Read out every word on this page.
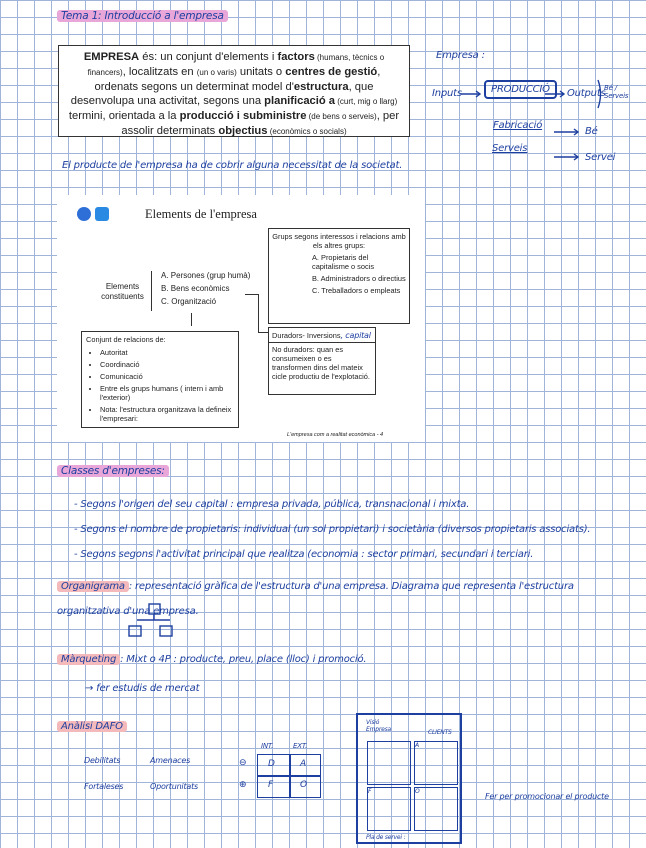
Tema 1: Introducció a l'empresa
EMPRESA és: un conjunt d'elements i factors (humans, tècnics o financers), localitzats en (un o varis) unitats o centres de gestió, ordenats segons un determinat model d'estructura, que desenvolupa una activitat, segons una planificació a (curt, mig o llarg) termini, orientada a la producció i subministre (de bens o serveis), per assolir determinats objectius (econòmics o socials)
Empresa :
Inputs	PRODUCCIÓ	Outputs
Bé / Serveis
Fabricació
Bé
Serveis
Servei
El producte de l'empresa ha de cobrir alguna necessitat de la societat.
Elements de l'empresa
Grups segons interessos i relacions amb els altres grups:
A. Propietaris del capitalisme o socis
B. Administradors o directius
C. Treballadors o empleats
Elements constituents
A. Persones (grup humà)
B. Bens econòmics
C. Organització
Duradors- Inversions, capital
No duradors: quan es consumeixen o es transformen dins del mateix cicle productiu de l'explotació.
Conjunt de relacions de:
• Autoritat
• Coordinació
• Comunicació
• Entre els grups humans ( intern i amb l'exterior)
• Nota: l'estructura organitzava la defineix l'empresari:
L'empresa com a realitat econòmica - 4
Classes d'empreses:
- Segons l'origen del seu capital : empresa privada, pública, transnacional i mixta.
- Segons el nombre de propietaris: individual (un sol propietari) i societària (diversos propietaris associats).
- Segons segons l'activitat principal que realitza (economia : sector primari, secundari i terciari.
Organigrama : representació gràfica de l'estructura d'una empresa. Diagrama que representa l'estructura organitzativa d'una empresa.
Màrqueting : Mixt o 4P : producte, preu, place (lloc) i promoció.
→ fer estudis de mercat
Anàlisi DAFO
Debilitats	Amenaces
Fortaleses	Oportunitats
INT.	EXT.
⊖
⊕
D	A
F	O
Visió Empresa	CLIENTS
A
F	O
Pla de servei :
Fer per promocionar el producte
